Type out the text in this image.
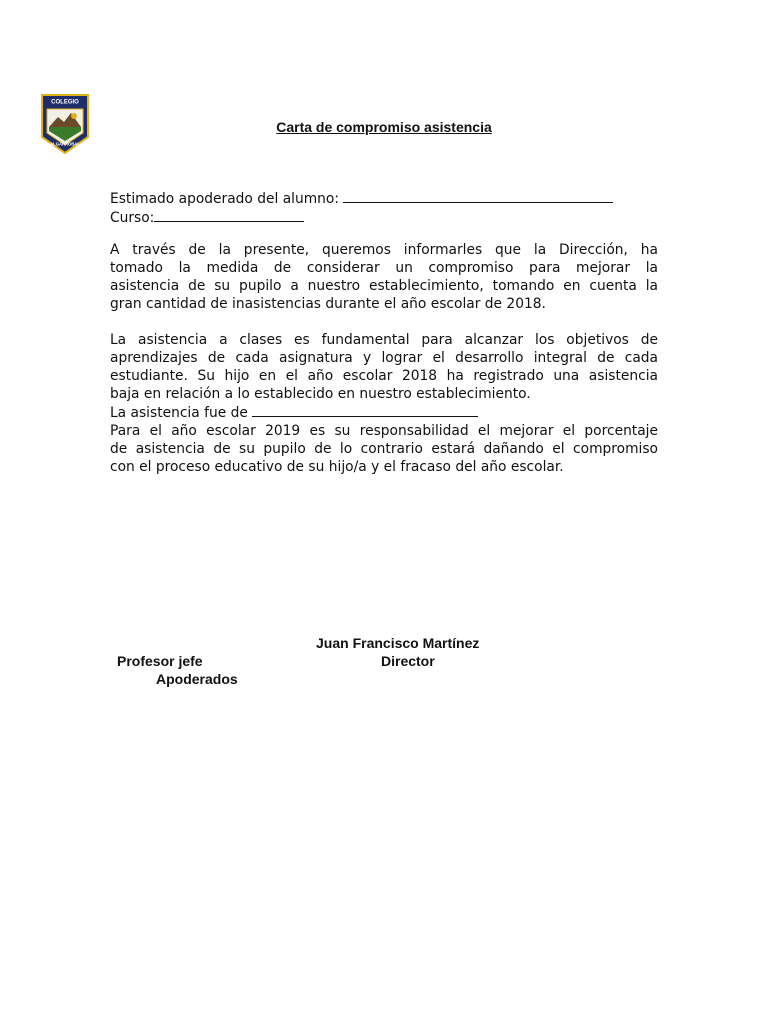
COLEGIO
ALGARROBAL
Carta de compromiso asistencia
Estimado apoderado del alumno:
Curso:
A través de la presente, queremos informarles que la Dirección, ha
tomado la medida de considerar un compromiso para mejorar la
asistencia de su pupilo a nuestro establecimiento, tomando en cuenta la
gran cantidad de inasistencias durante el año escolar de 2018.
La asistencia a clases es fundamental para alcanzar los objetivos de
aprendizajes de cada asignatura y lograr el desarrollo integral de cada
estudiante. Su hijo en el año escolar 2018 ha registrado una asistencia
baja en relación a lo establecido en nuestro establecimiento.
La asistencia fue de
Para el año escolar 2019 es su responsabilidad el mejorar el porcentaje
de asistencia de su pupilo de lo contrario estará dañando el compromiso
con el proceso educativo de su hijo/a y el fracaso del año escolar.
Juan Francisco Martínez
Director
Profesor jefe
Apoderados
